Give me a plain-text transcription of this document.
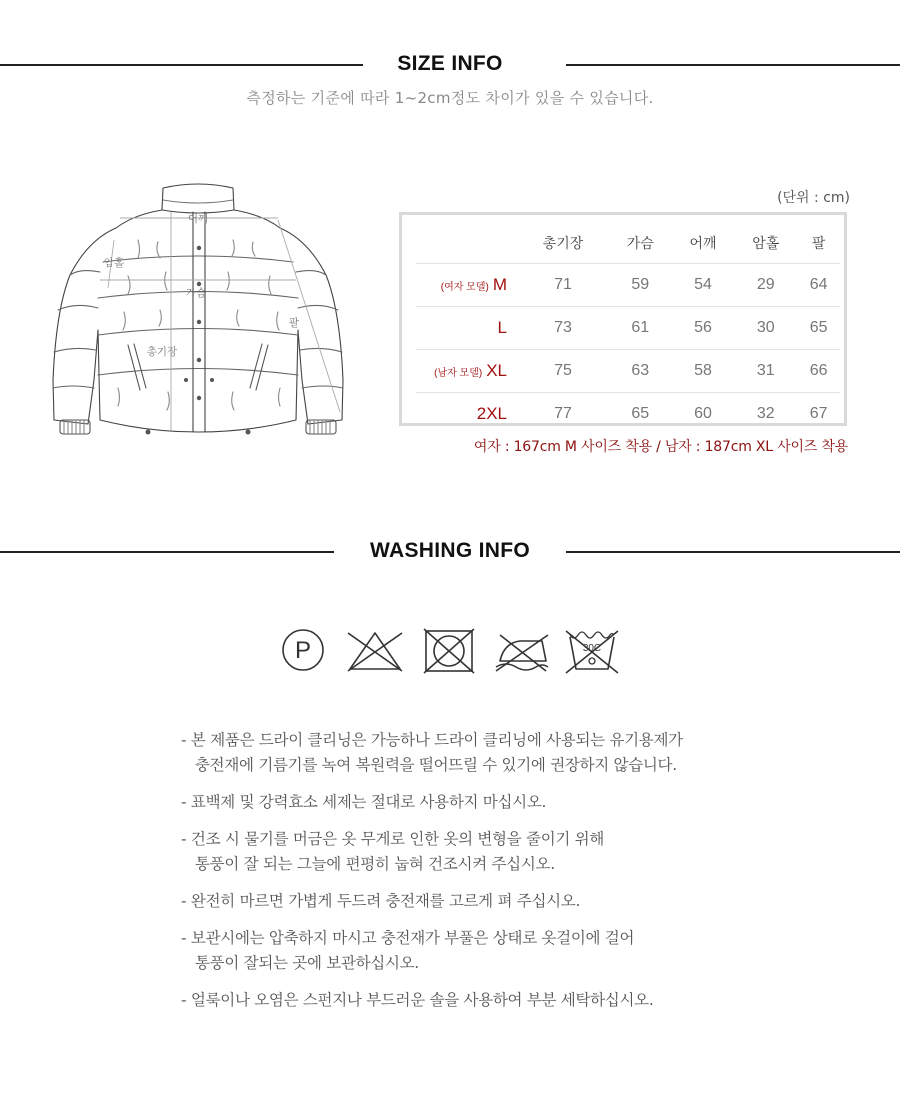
SIZE INFO
측정하는 기준에 따라 1~2cm정도 차이가 있을 수 있습니다.
어깨
암홀
가슴
팔
총기장
(단위 : cm)
	총기장	가슴	어깨	암홀	팔
(여자 모델) M	71	59	54	29	64
L	73	61	56	30	65
(남자 모델) XL	75	63	58	31	66
2XL	77	65	60	32	67
여자 : 167cm M 사이즈 착용 / 남자 : 187cm XL 사이즈 착용
WASHING INFO
P	30C
- 본 제품은 드라이 클리닝은 가능하나 드라이 클리닝에 사용되는 유기용제가
충전재에 기름기를 녹여 복원력을 떨어뜨릴 수 있기에 권장하지 않습니다.
- 표백제 및 강력효소 세제는 절대로 사용하지 마십시오.
- 건조 시 물기를 머금은 옷 무게로 인한 옷의 변형을 줄이기 위해
통풍이 잘 되는 그늘에 편평히 눕혀 건조시켜 주십시오.
- 완전히 마르면 가볍게 두드려 충전재를 고르게 펴 주십시오.
- 보관시에는 압축하지 마시고 충전재가 부풀은 상태로 옷걸이에 걸어
통풍이 잘되는 곳에 보관하십시오.
- 얼룩이나 오염은 스펀지나 부드러운 솔을 사용하여 부분 세탁하십시오.
